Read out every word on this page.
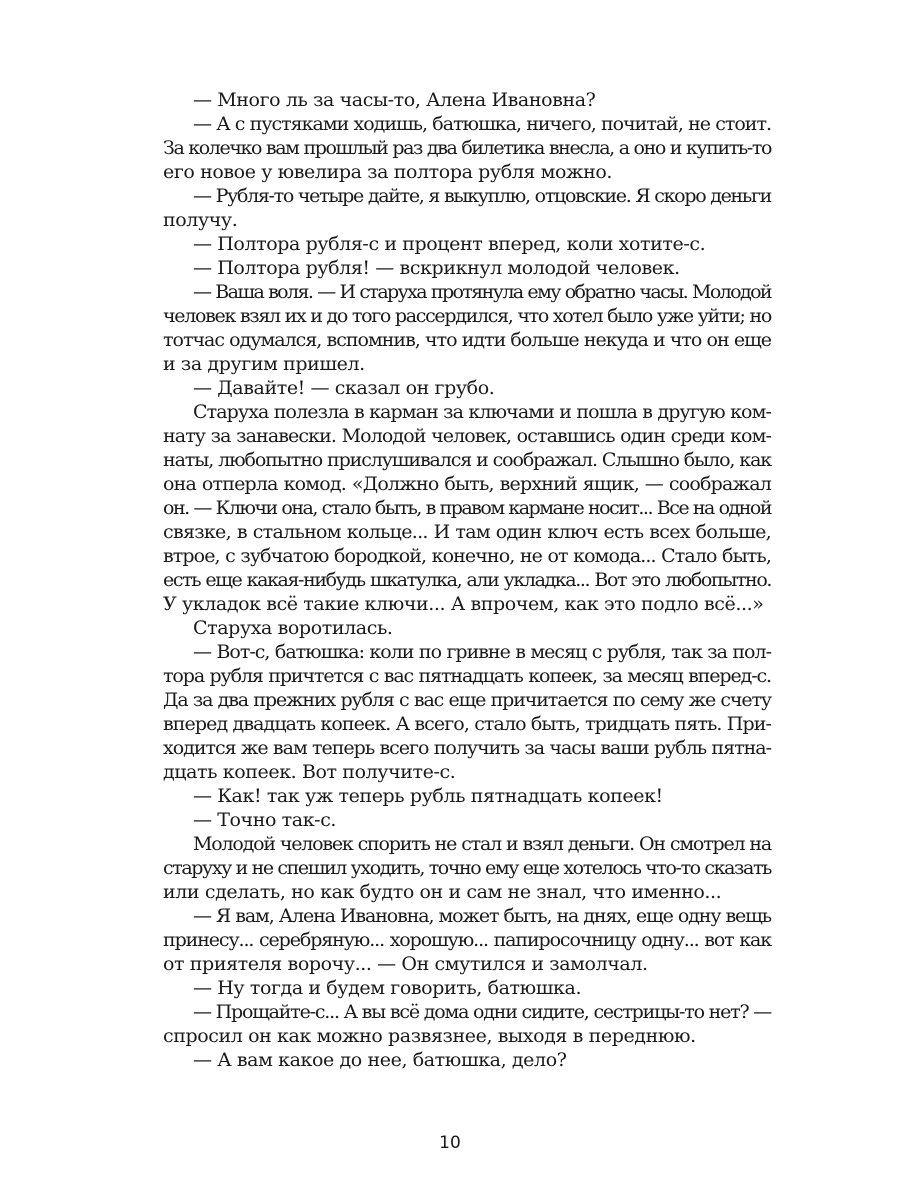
— Много ль за часы-то, Алена Ивановна?
— А с пустяками ходишь, батюшка, ничего, почитай, не стоит.
За колечко вам прошлый раз два билетика внесла, а оно и купить-то
его новое у ювелира за полтора рубля можно.
— Рубля-то четыре дайте, я выкуплю, отцовские. Я скоро деньги
получу.
— Полтора рубля-с и процент вперед, коли хотите-с.
— Полтора рубля! — вскрикнул молодой человек.
— Ваша воля. — И старуха протянула ему обратно часы. Молодой
человек взял их и до того рассердился, что хотел было уже уйти; но
тотчас одумался, вспомнив, что идти больше некуда и что он еще
и за другим пришел.
— Давайте! — сказал он грубо.
Старуха полезла в карман за ключами и пошла в другую ком-
нату за занавески. Молодой человек, оставшись один среди ком-
наты, любопытно прислушивался и соображал. Слышно было, как
она отперла комод. «Должно быть, верхний ящик, — соображал
он. — Ключи она, стало быть, в правом кармане носит... Все на одной
связке, в стальном кольце... И там один ключ есть всех больше,
втрое, с зубчатою бородкой, конечно, не от комода... Стало быть,
есть еще какая-нибудь шкатулка, али укладка... Вот это любопытно.
У укладок всё такие ключи... А впрочем, как это подло всё...»
Старуха воротилась.
— Вот-с, батюшка: коли по гривне в месяц с рубля, так за пол-
тора рубля причтется с вас пятнадцать копеек, за месяц вперед-с.
Да за два прежних рубля с вас еще причитается по сему же счету
вперед двадцать копеек. А всего, стало быть, тридцать пять. При-
ходится же вам теперь всего получить за часы ваши рубль пятна-
дцать копеек. Вот получите-с.
— Как! так уж теперь рубль пятнадцать копеек!
— Точно так-с.
Молодой человек спорить не стал и взял деньги. Он смотрел на
старуху и не спешил уходить, точно ему еще хотелось что-то сказать
или сделать, но как будто он и сам не знал, что именно...
— Я вам, Алена Ивановна, может быть, на днях, еще одну вещь
принесу... серебряную... хорошую... папиросочницу одну... вот как
от приятеля ворочу... — Он смутился и замолчал.
— Ну тогда и будем говорить, батюшка.
— Прощайте-с... А вы всё дома одни сидите, сестрицы-то нет? —
спросил он как можно развязнее, выходя в переднюю.
— А вам какое до нее, батюшка, дело?
10
